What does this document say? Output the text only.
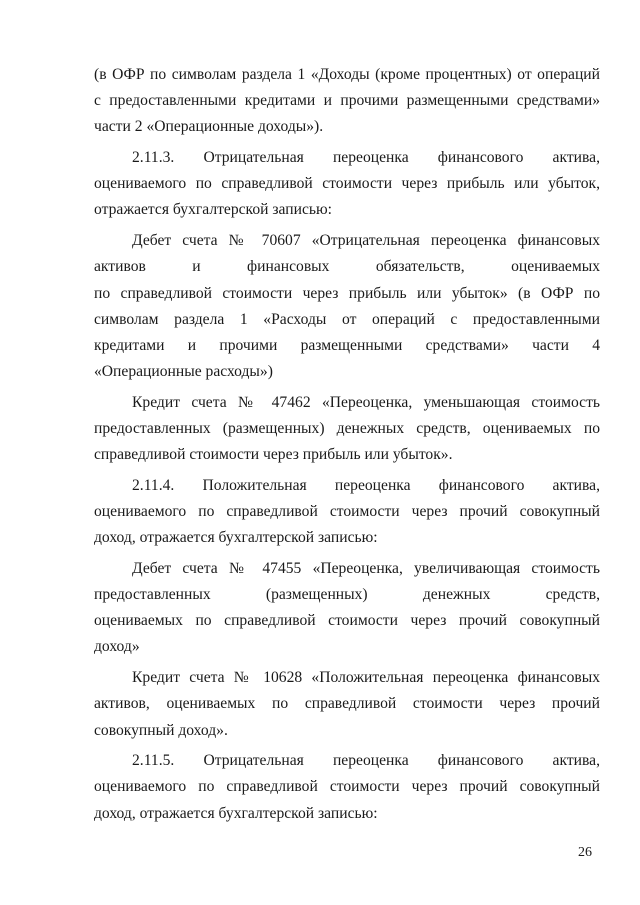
(в ОФР по символам раздела 1 «Доходы (кроме процентных) от операций
с предоставленными кредитами и прочими размещенными средствами»
части 2 «Операционные доходы»).
2.11.3. Отрицательная переоценка финансового актива,
оцениваемого по справедливой стоимости через прибыль или убыток,
отражается бухгалтерской записью:
Дебет счета № 70607 «Отрицательная переоценка финансовых
активов и финансовых обязательств, оцениваемых
по справедливой стоимости через прибыль или убыток» (в ОФР по
символам раздела 1 «Расходы от операций с предоставленными
кредитами и прочими размещенными средствами» части 4
«Операционные расходы»)
Кредит счета № 47462 «Переоценка, уменьшающая стоимость
предоставленных (размещенных) денежных средств, оцениваемых по
справедливой стоимости через прибыль или убыток».
2.11.4. Положительная переоценка финансового актива,
оцениваемого по справедливой стоимости через прочий совокупный
доход, отражается бухгалтерской записью:
Дебет счета № 47455 «Переоценка, увеличивающая стоимость
предоставленных (размещенных) денежных средств,
оцениваемых по справедливой стоимости через прочий совокупный
доход»
Кредит счета № 10628 «Положительная переоценка финансовых
активов, оцениваемых по справедливой стоимости через прочий
совокупный доход».
2.11.5. Отрицательная переоценка финансового актива,
оцениваемого по справедливой стоимости через прочий совокупный
доход, отражается бухгалтерской записью:
26
